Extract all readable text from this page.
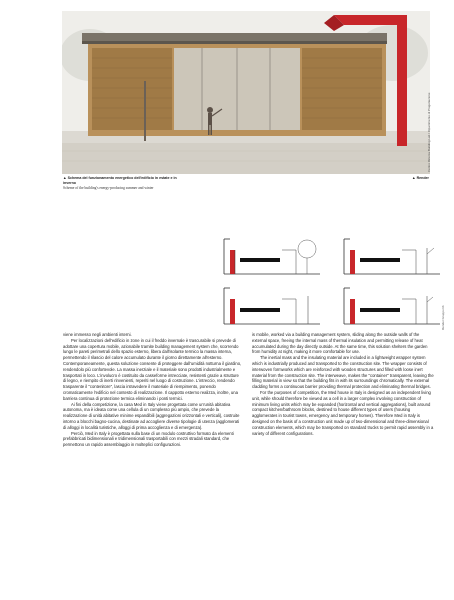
Centro Ricerca Building Lab / Dipartimento di Progettazione
▲ Schema del funzionamento energetico dell'edificio in estate e in inverno
Scheme of the building's energy-producing summer and winter
▲ Render
Render Gruppo Ri.

viene immesso negli ambienti interni.

Per localizzazioni dell'edificio in zone in cui il freddo invernale è trascurabile si prevede di adottare una copertura mobile, azionabile tramite building management system che, scorrendo lungo le pareti perimetrali dello spazio esterno, libera dall'isolante termico la massa interna, permettendo il rilascio del calore accumulato durante il giorno direttamente all'esterno. Contemporaneamente, questa soluzione consente di proteggere dall'umidità notturna il giardino, rendendolo più confortevole. La massa inerziale e il materiale sono prodotti industrialmente e trasportati in loco. L'involucro è costituito da casseforme intrecciate, resistenti grazie a strutture di legno, e riempito di inerti rinvenienti, reperiti nel luogo di costruzione. L'intreccio, rendendo trasparente il "contenitore", lascia intravedere il materiale di riempimento, ponendo cromaticamente l'edificio nel contesto di realizzazione. Il cappotto esterno realizza, inoltre, una barriera continua di protezione termica eliminando i ponti termici.

Ai fini della competizione, la casa Med in Italy viene progettata come un'unità abitativa autonoma, ma è ideata come una cellula di un complesso più ampio, che prevede la realizzazione di unità abitative minime espandibili (aggregazioni orizzontali e verticali), costruite intorno a blocchi bagno-cucina, destinate ad accogliere diverse tipologie di utenza (agglomerati di alloggi in località turistiche, alloggi di prima accoglienza e di emergenza).

Perciò, Med in Italy è progettata sulla base di un modulo costruttivo formato da elementi prefabbricati bidimensionali e tridimensionali trasportabili con mezzi stradali standard, che permettono un rapido assemblaggio in molteplici configurazioni.

is mobile, worked via a building management system, sliding along the outside walls of the external space, freeing the internal mass of thermal insulation and permitting release of heat accumulated during the day directly outside. At the same time, this solution shelters the garden from humidity at night, making it more comfortable for use.

The inertial mass and the insulating material are included in a lightweight wrapper system which is industrially produced and transported to the construction site. The wrapper consists of interwoven formworks which are reinforced with wooden structures and filled with loose inert material from the construction site. The interweave, makes the "container" transparent, leaving the filling material in view so that the building fits in with its surroundings chromatically. The external cladding forms a continuous barrier providing thermal protection and eliminating thermal bridges.

For the purposes of competition, the Med house in Italy is designed as an independent living unit, while should therefore be viewed as a cell in a larger complex involving construction of minimum living units which may be expanded (horizontal and vertical aggregations), built around compact kitchen/bathroom blocks, destined to house different types of users (housing agglomerates in tourist towns, emergency and temporary homes). Therefore Med in Italy is designed on the basis of a construction unit made up of two-dimensional and three-dimensional construction elements, which may be transported on standard trucks to permit rapid assembly in a variety of different configurations.
